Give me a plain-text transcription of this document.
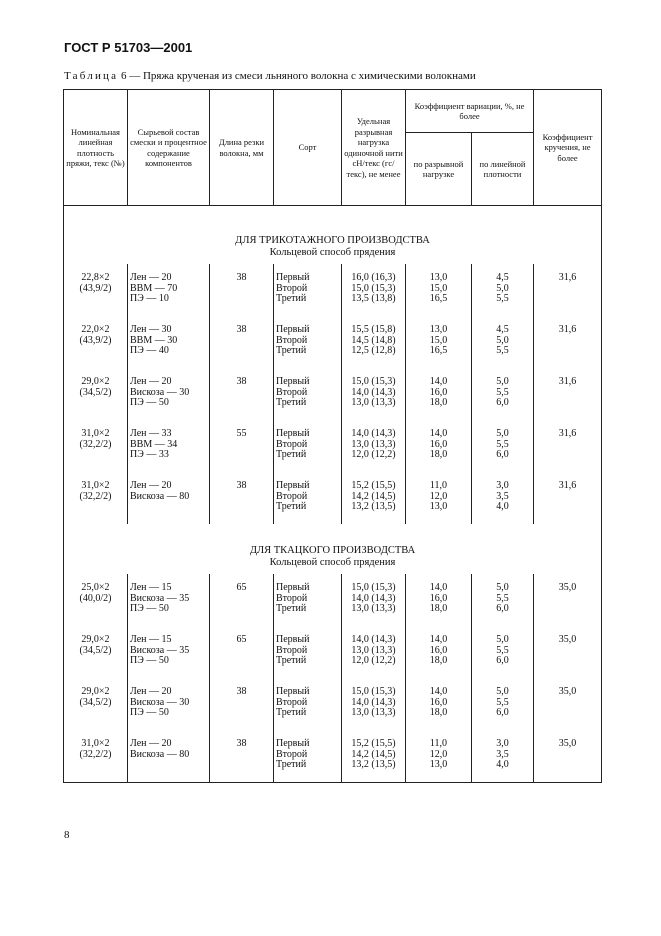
ГОСТ Р 51703—2001
Таблица 6 — Пряжа крученая из смеси льняного волокна с химическими волокнами
Номинальная линейная плотность пряжи, текс (№)	Сырьевой состав смески и процентное содержание компонентов	Длина резки волокна, мм	Сорт	Удельная разрывная нагрузка одиночной нити сН/текс (гс/текс), не менее	Коэффициент вариации, %, не более		Коэффициент кручения, не более
					по разрывной нагрузке	по линейной плотности	

ДЛЯ ТРИКОТАЖНОГО ПРОИЗВОДСТВА
Кольцевой способ прядения							

22,8×2
(43,9/2)	Лен — 20
ВВМ — 70
ПЭ — 10	38	Первый
Второй
Третий	16,0 (16,3)
15,0 (15,3)
13,5 (13,8)	13,0
15,0
16,5	4,5
5,0
5,5	31,6

22,0×2
(43,9/2)	Лен — 30
ВВМ — 30
ПЭ — 40	38	Первый
Второй
Третий	15,5 (15,8)
14,5 (14,8)
12,5 (12,8)	13,0
15,0
16,5	4,5
5,0
5,5	31,6

29,0×2
(34,5/2)	Лен — 20
Вискоза — 30
ПЭ — 50	38	Первый
Второй
Третий	15,0 (15,3)
14,0 (14,3)
13,0 (13,3)	14,0
16,0
18,0	5,0
5,5
6,0	31,6

31,0×2
(32,2/2)	Лен — 33
ВВМ — 34
ПЭ — 33	55	Первый
Второй
Третий	14,0 (14,3)
13,0 (13,3)
12,0 (12,2)	14,0
16,0
18,0	5,0
5,5
6,0	31,6

31,0×2
(32,2/2)	Лен — 20
Вискоза — 80	38	Первый
Второй
Третий	15,2 (15,5)
14,2 (14,5)
13,2 (13,5)	11,0
12,0
13,0	3,0
3,5
4,0	31,6

ДЛЯ ТКАЦКОГО ПРОИЗВОДСТВА
Кольцевой способ прядения							

25,0×2
(40,0/2)	Лен — 15
Вискоза — 35
ПЭ — 50	65	Первый
Второй
Третий	15,0 (15,3)
14,0 (14,3)
13,0 (13,3)	14,0
16,0
18,0	5,0
5,5
6,0	35,0

29,0×2
(34,5/2)	Лен — 15
Вискоза — 35
ПЭ — 50	65	Первый
Второй
Третий	14,0 (14,3)
13,0 (13,3)
12,0 (12,2)	14,0
16,0
18,0	5,0
5,5
6,0	35,0

29,0×2
(34,5/2)	Лен — 20
Вискоза — 30
ПЭ — 50	38	Первый
Второй
Третий	15,0 (15,3)
14,0 (14,3)
13,0 (13,3)	14,0
16,0
18,0	5,0
5,5
6,0	35,0

31,0×2
(32,2/2)	Лен — 20
Вискоза — 80	38	Первый
Второй
Третий	15,2 (15,5)
14,2 (14,5)
13,2 (13,5)	11,0
12,0
13,0	3,0
3,5
4,0	35,0
8
